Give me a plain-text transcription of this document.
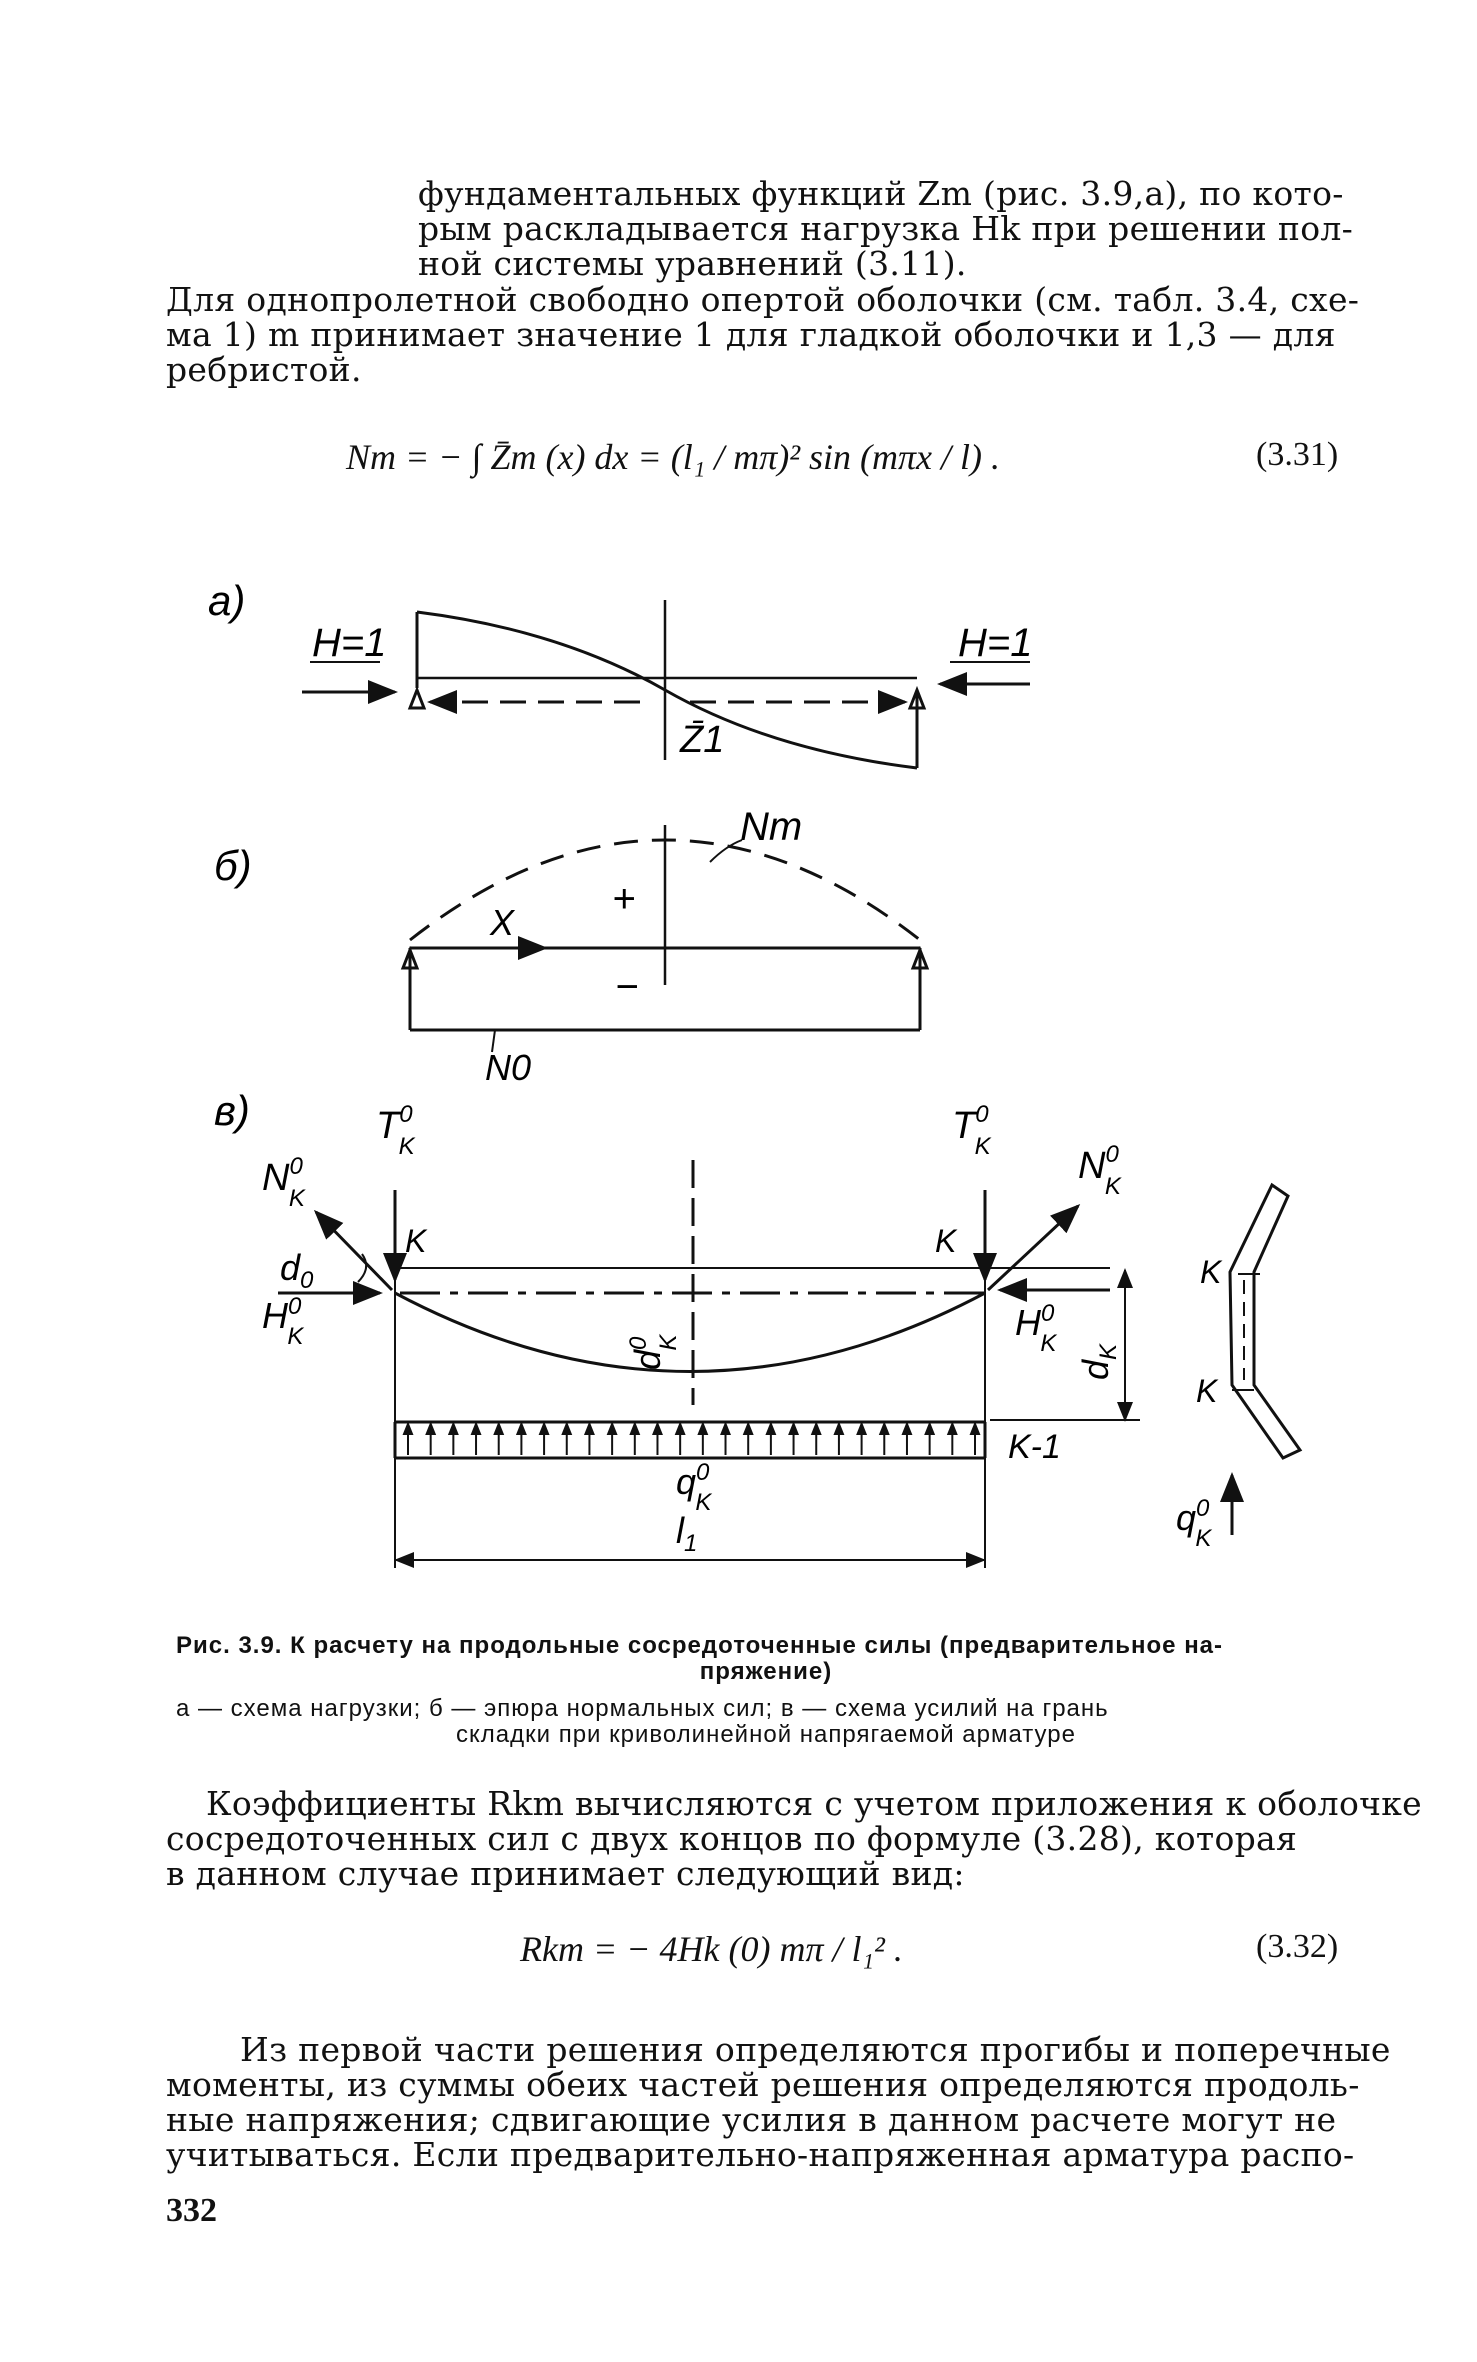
фундаментальных функций Zm (рис. 3.9,a), по кото-
рым раскладывается нагрузка Hk при решении пол-
ной системы уравнений (3.11).
Для однопролетной свободно опертой оболочки (см. табл. 3.4, схе-
ма 1) m принимает значение 1 для гладкой оболочки и 1,3 — для
ребристой.
Nm = − ∫ Z̄m (x) dx = (l₁ / mπ)² sin (mπx / l) .	(3.31)
a)
б)
в)
H=1	H=1
Z̄1
Nm
X
+
−
N0
$N^0$ K
$T^0$ K	$T^0$ K $N^0$ K
K	K
$d_0$
$H^0$ K	$H^0$ K
$d^0$ K
$d_K$
K-1
$q^0$ K
$l_1$
K
K
$q^0$ K
Рис. 3.9. К расчету на продольные сосредоточенные силы (предварительное на-
пряжение)
а — схема нагрузки; б — эпюра нормальных сил; в — схема усилий на грань
складки при криволинейной напрягаемой арматуре
Коэффициенты Rkm вычисляются с учетом приложения к оболочке
сосредоточенных сил с двух концов по формуле (3.28), которая
в данном случае принимает следующий вид:
Rkm = − 4Hk (0) mπ / l₁² .	(3.32)
Из первой части решения определяются прогибы и поперечные
моменты, из суммы обеих частей решения определяются продоль-
ные напряжения; сдвигающие усилия в данном расчете могут не
учитываться. Если предварительно-напряженная арматура распо-
332
